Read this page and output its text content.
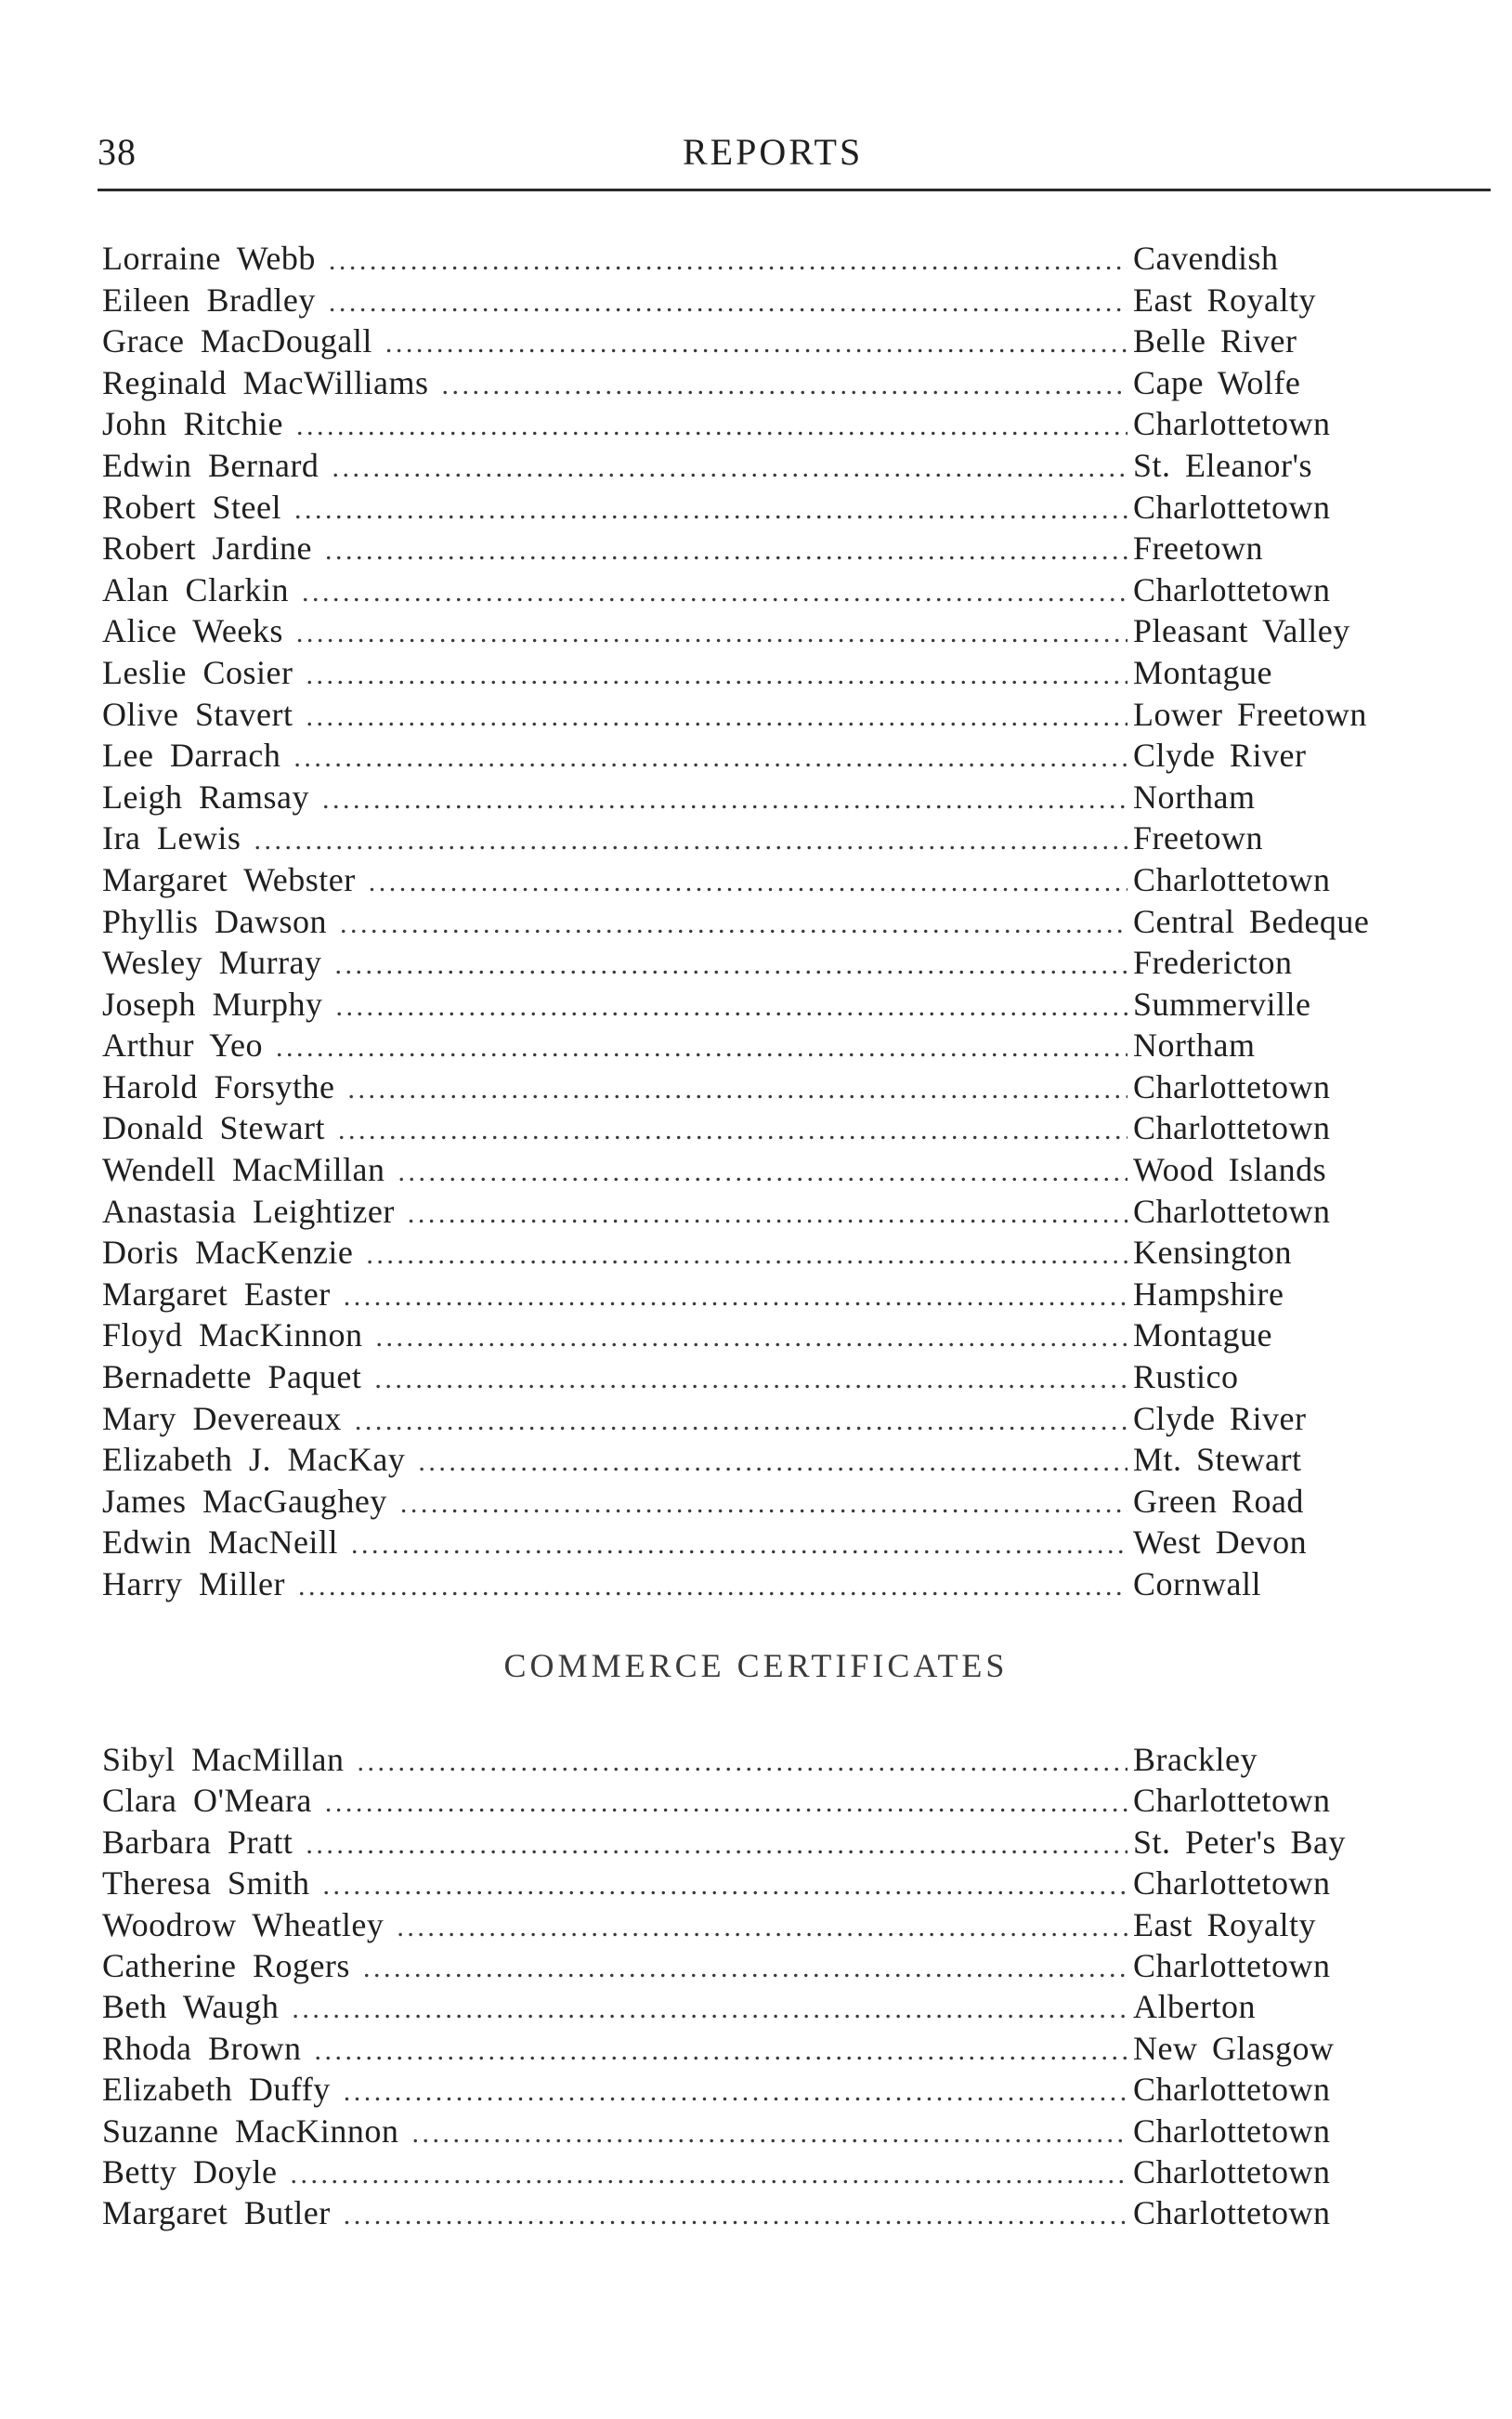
38	REPORTS
Lorraine Webb . . .	Cavendish
Eileen Bradley . . .	East Royalty
Grace MacDougall . . .	Belle River
Reginald MacWilliams . . .	Cape Wolfe
John Ritchie . . .	Charlottetown
Edwin Bernard . . .	St. Eleanor's
Robert Steel . . .	Charlottetown
Robert Jardine . . .	Freetown
Alan Clarkin . . .	Charlottetown
Alice Weeks . . .	Pleasant Valley
Leslie Cosier . . .	Montague
Olive Stavert . . .	Lower Freetown
Lee Darrach . . .	Clyde River
Leigh Ramsay . . .	Northam
Ira Lewis . . .	Freetown
Margaret Webster . . .	Charlottetown
Phyllis Dawson . . .	Central Bedeque
Wesley Murray . . .	Fredericton
Joseph Murphy . . .	Summerville
Arthur Yeo . . .	Northam
Harold Forsythe . . .	Charlottetown
Donald Stewart . . .	Charlottetown
Wendell MacMillan . . .	Wood Islands
Anastasia Leightizer . . .	Charlottetown
Doris MacKenzie . . .	Kensington
Margaret Easter . . .	Hampshire
Floyd MacKinnon . . .	Montague
Bernadette Paquet . . .	Rustico
Mary Devereaux . . .	Clyde River
Elizabeth J. MacKay . . .	Mt. Stewart
James MacGaughey . . .	Green Road
Edwin MacNeill . . .	West Devon
Harry Miller . . .	Cornwall
COMMERCE CERTIFICATES
Sibyl MacMillan . . .	Brackley
Clara O'Meara . . .	Charlottetown
Barbara Pratt . . .	St. Peter's Bay
Theresa Smith . . .	Charlottetown
Woodrow Wheatley . . .	East Royalty
Catherine Rogers . . .	Charlottetown
Beth Waugh . . .	Alberton
Rhoda Brown . . .	New Glasgow
Elizabeth Duffy . . .	Charlottetown
Suzanne MacKinnon . . .	Charlottetown
Betty Doyle . . .	Charlottetown
Margaret Butler . . .	Charlottetown
